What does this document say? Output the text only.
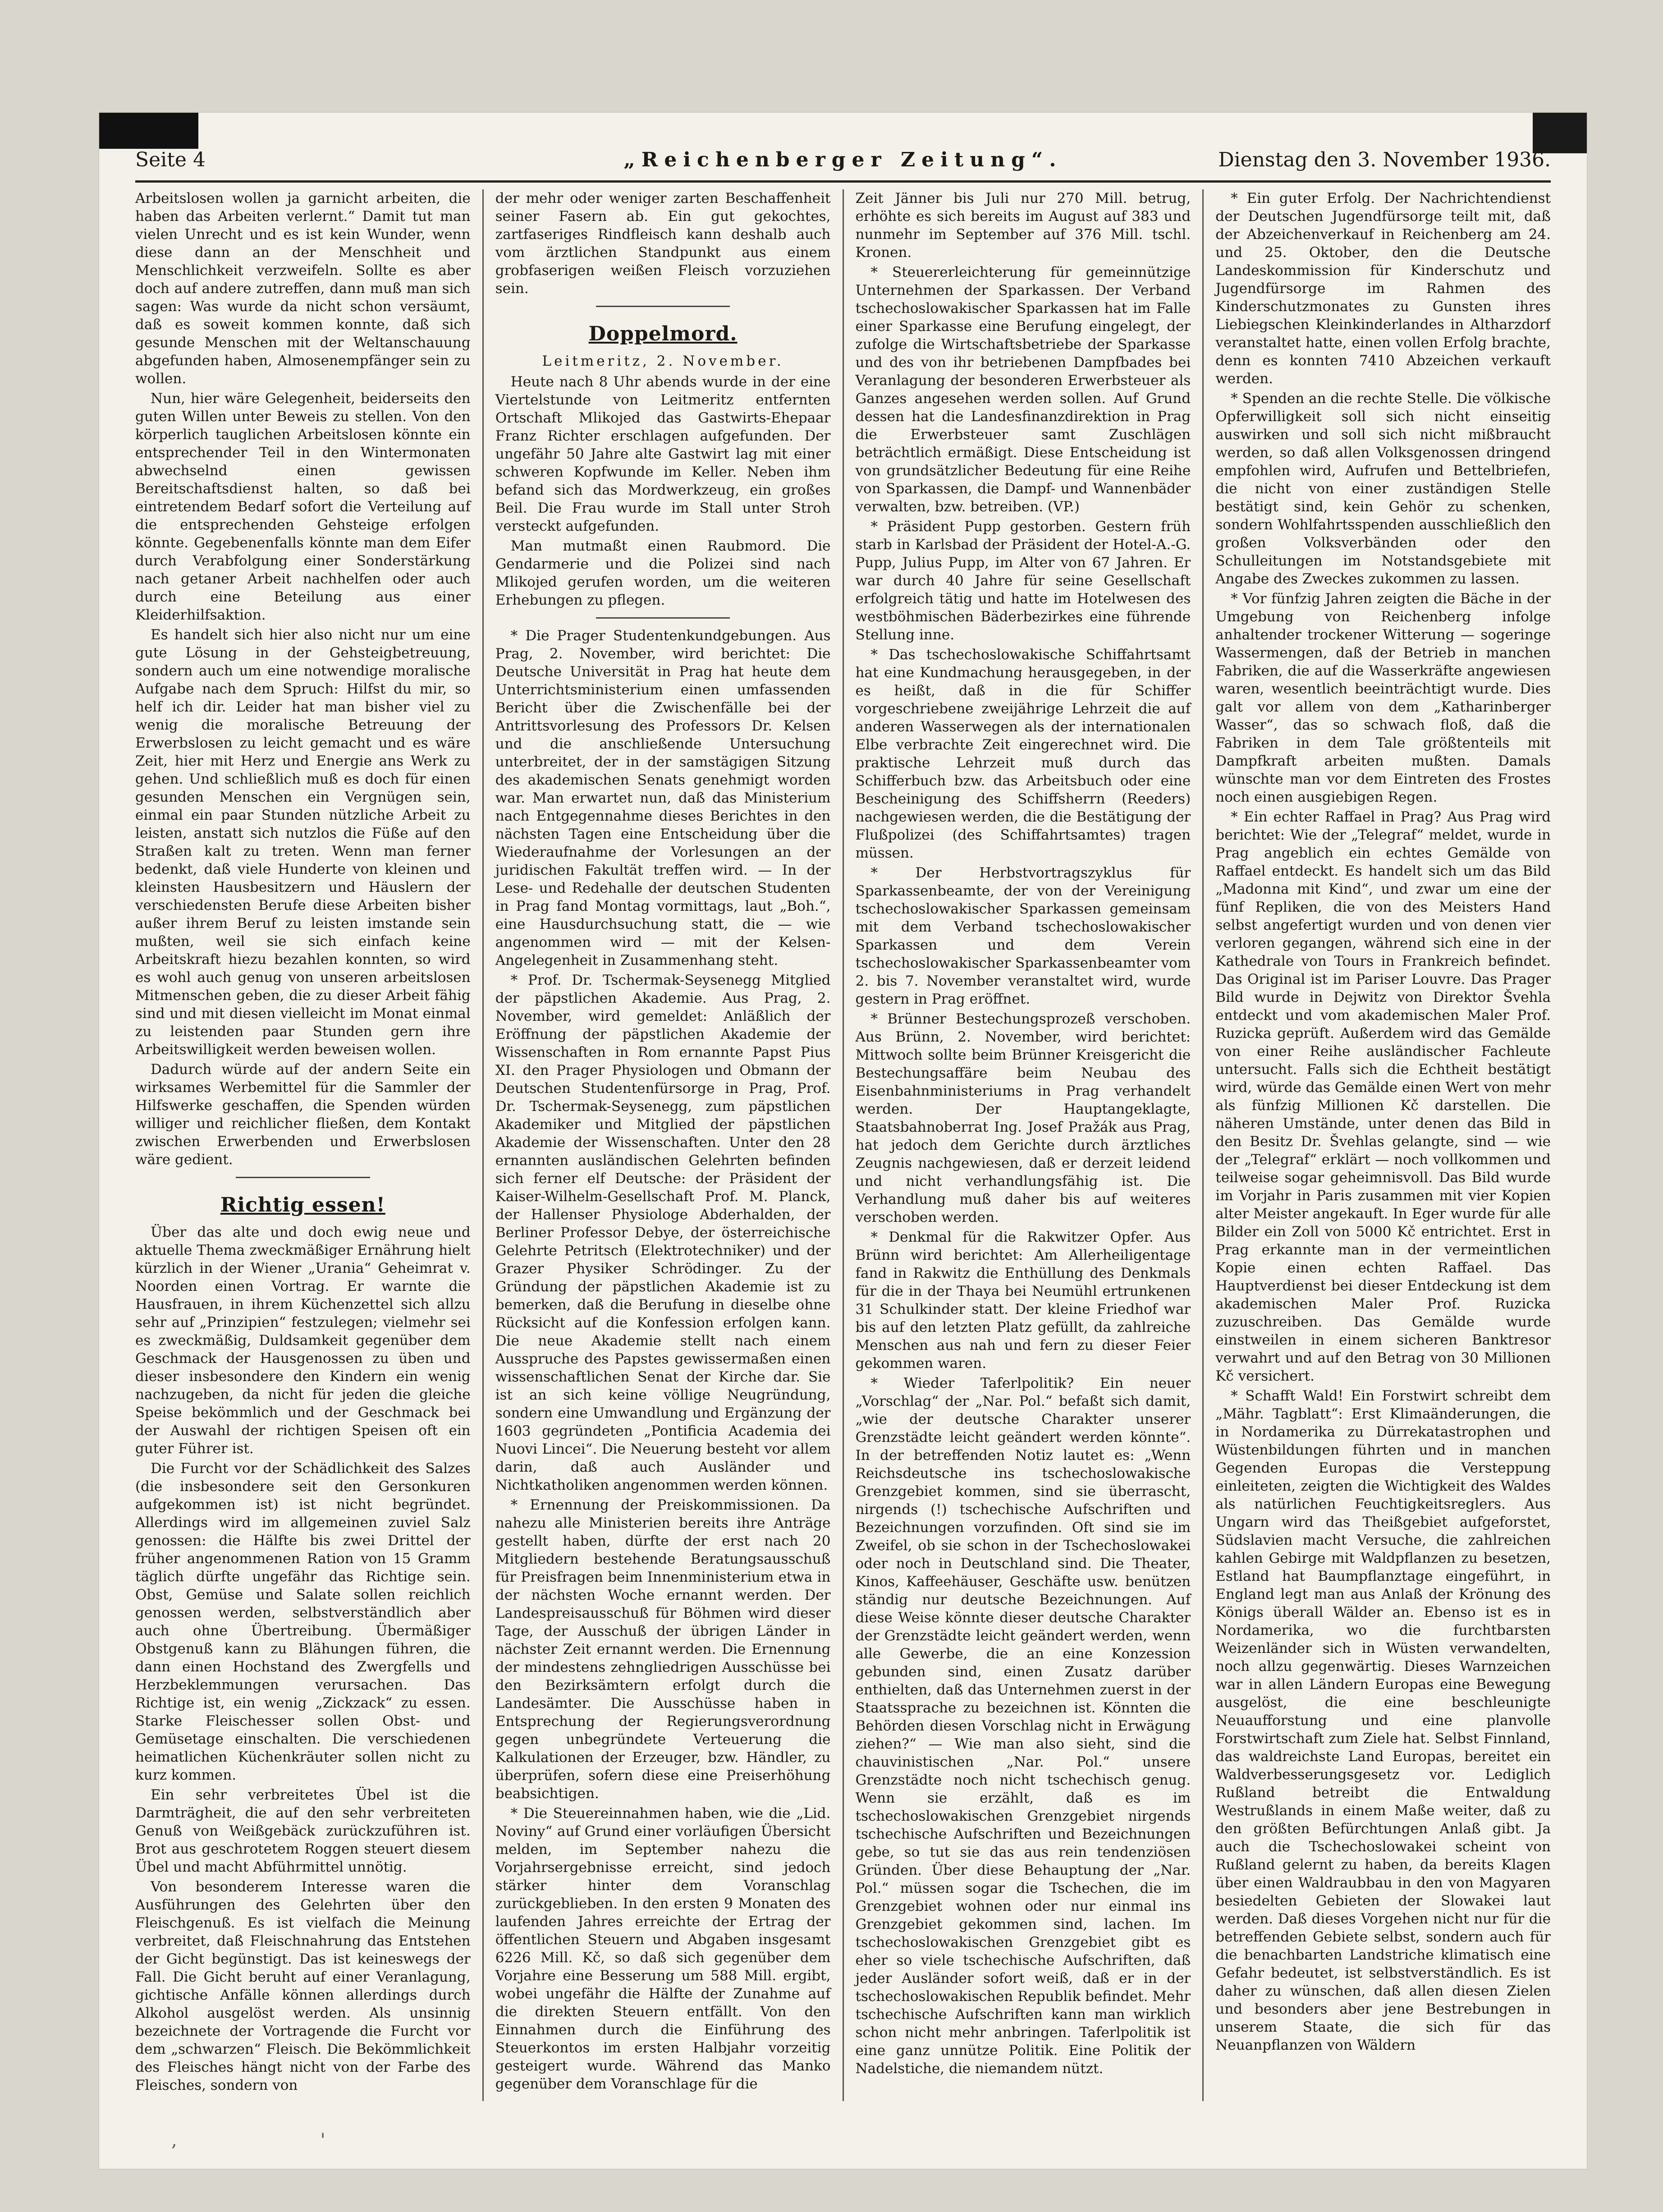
Seite 4	„Reichenberger Zeitung“.	Dienstag den 3. November 1936.

Arbeitslosen wollen ja garnicht arbeiten, die haben das Arbeiten verlernt.“ Damit tut man vielen Unrecht und es ist kein Wunder, wenn diese dann an der Menschheit und Menschlichkeit verzweifeln. Sollte es aber doch auf andere zutreffen, dann muß man sich sagen: Was wurde da nicht schon versäumt, daß es soweit kommen konnte, daß sich gesunde Menschen mit der Weltanschauung abgefunden haben, Almosenempfänger sein zu wollen.

Nun, hier wäre Gelegenheit, beiderseits den guten Willen unter Beweis zu stellen. Von den körperlich tauglichen Arbeitslosen könnte ein entsprechender Teil in den Wintermonaten abwechselnd einen gewissen Bereitschaftsdienst halten, so daß bei eintretendem Bedarf sofort die Verteilung auf die entsprechenden Gehsteige erfolgen könnte. Gegebenenfalls könnte man dem Eifer durch Verabfolgung einer Sonderstärkung nach getaner Arbeit nachhelfen oder auch durch eine Beteilung aus einer Kleiderhilfsaktion.

Es handelt sich hier also nicht nur um eine gute Lösung in der Gehsteigbetreuung, sondern auch um eine notwendige moralische Aufgabe nach dem Spruch: Hilfst du mir, so helf ich dir. Leider hat man bisher viel zu wenig die moralische Betreuung der Erwerbslosen zu leicht gemacht und es wäre Zeit, hier mit Herz und Energie ans Werk zu gehen. Und schließlich muß es doch für einen gesunden Menschen ein Vergnügen sein, einmal ein paar Stunden nützliche Arbeit zu leisten, anstatt sich nutzlos die Füße auf den Straßen kalt zu treten. Wenn man ferner bedenkt, daß viele Hunderte von kleinen und kleinsten Hausbesitzern und Häuslern der verschiedensten Berufe diese Arbeiten bisher außer ihrem Beruf zu leisten imstande sein mußten, weil sie sich einfach keine Arbeitskraft hiezu bezahlen konnten, so wird es wohl auch genug von unseren arbeitslosen Mitmenschen geben, die zu dieser Arbeit fähig sind und mit diesen vielleicht im Monat einmal zu leistenden paar Stunden gern ihre Arbeitswilligkeit werden beweisen wollen.

Dadurch würde auf der andern Seite ein wirksames Werbemittel für die Sammler der Hilfswerke geschaffen, die Spenden würden williger und reichlicher fließen, dem Kontakt zwischen Erwerbenden und Erwerbslosen wäre gedient.

Richtig essen!

Über das alte und doch ewig neue und aktuelle Thema zweckmäßiger Ernährung hielt kürzlich in der Wiener „Urania“ Geheimrat v. Noorden einen Vortrag. Er warnte die Hausfrauen, in ihrem Küchenzettel sich allzu sehr auf „Prinzipien“ festzulegen; vielmehr sei es zweckmäßig, Duldsamkeit gegenüber dem Geschmack der Hausgenossen zu üben und dieser insbesondere den Kindern ein wenig nachzugeben, da nicht für jeden die gleiche Speise bekömmlich und der Geschmack bei der Auswahl der richtigen Speisen oft ein guter Führer ist.

Die Furcht vor der Schädlichkeit des Salzes (die insbesondere seit den Gersonkuren aufgekommen ist) ist nicht begründet. Allerdings wird im allgemeinen zuviel Salz genossen: die Hälfte bis zwei Drittel der früher angenommenen Ration von 15 Gramm täglich dürfte ungefähr das Richtige sein. Obst, Gemüse und Salate sollen reichlich genossen werden, selbstverständlich aber auch ohne Übertreibung. Übermäßiger Obstgenuß kann zu Blähungen führen, die dann einen Hochstand des Zwergfells und Herzbeklemmungen verursachen. Das Richtige ist, ein wenig „Zickzack“ zu essen. Starke Fleischesser sollen Obst- und Gemüsetage einschalten. Die verschiedenen heimatlichen Küchenkräuter sollen nicht zu kurz kommen.

Ein sehr verbreitetes Übel ist die Darmträgheit, die auf den sehr verbreiteten Genuß von Weißgebäck zurückzuführen ist. Brot aus geschrotetem Roggen steuert diesem Übel und macht Abführmittel unnötig.

Von besonderem Interesse waren die Ausführungen des Gelehrten über den Fleischgenuß. Es ist vielfach die Meinung verbreitet, daß Fleischnahrung das Entstehen der Gicht begünstigt. Das ist keineswegs der Fall. Die Gicht beruht auf einer Veranlagung, gichtische Anfälle können allerdings durch Alkohol ausgelöst werden. Als unsinnig bezeichnete der Vortragende die Furcht vor dem „schwarzen“ Fleisch. Die Bekömmlichkeit des Fleisches hängt nicht von der Farbe des Fleisches, sondern von

der mehr oder weniger zarten Beschaffenheit seiner Fasern ab. Ein gut gekochtes, zartfaseriges Rindfleisch kann deshalb auch vom ärztlichen Standpunkt aus einem grobfaserigen weißen Fleisch vorzuziehen sein.

Doppelmord.
Leitmeritz, 2. November.

Heute nach 8 Uhr abends wurde in der eine Viertelstunde von Leitmeritz entfernten Ortschaft Mlikojed das Gastwirts-Ehepaar Franz Richter erschlagen aufgefunden. Der ungefähr 50 Jahre alte Gastwirt lag mit einer schweren Kopfwunde im Keller. Neben ihm befand sich das Mordwerkzeug, ein großes Beil. Die Frau wurde im Stall unter Stroh versteckt aufgefunden.

Man mutmaßt einen Raubmord. Die Gendarmerie und die Polizei sind nach Mlikojed gerufen worden, um die weiteren Erhebungen zu pflegen.

* Die Prager Studentenkundgebungen. Aus Prag, 2. November, wird berichtet: Die Deutsche Universität in Prag hat heute dem Unterrichtsministerium einen umfassenden Bericht über die Zwischenfälle bei der Antrittsvorlesung des Professors Dr. Kelsen und die anschließende Untersuchung unterbreitet, der in der samstägigen Sitzung des akademischen Senats genehmigt worden war. Man erwartet nun, daß das Ministerium nach Entgegennahme dieses Berichtes in den nächsten Tagen eine Entscheidung über die Wiederaufnahme der Vorlesungen an der juridischen Fakultät treffen wird. — In der Lese- und Redehalle der deutschen Studenten in Prag fand Montag vormittags, laut „Boh.“, eine Hausdurchsuchung statt, die — wie angenommen wird — mit der Kelsen-Angelegenheit in Zusammenhang steht.

* Prof. Dr. Tschermak-Seysenegg Mitglied der päpstlichen Akademie. Aus Prag, 2. November, wird gemeldet: Anläßlich der Eröffnung der päpstlichen Akademie der Wissenschaften in Rom ernannte Papst Pius XI. den Prager Physiologen und Obmann der Deutschen Studentenfürsorge in Prag, Prof. Dr. Tschermak-Seysenegg, zum päpstlichen Akademiker und Mitglied der päpstlichen Akademie der Wissenschaften. Unter den 28 ernannten ausländischen Gelehrten befinden sich ferner elf Deutsche: der Präsident der Kaiser-Wilhelm-Gesellschaft Prof. M. Planck, der Hallenser Physiologe Abderhalden, der Berliner Professor Debye, der österreichische Gelehrte Petritsch (Elektrotechniker) und der Grazer Physiker Schrödinger. Zu der Gründung der päpstlichen Akademie ist zu bemerken, daß die Berufung in dieselbe ohne Rücksicht auf die Konfession erfolgen kann. Die neue Akademie stellt nach einem Ausspruche des Papstes gewissermaßen einen wissenschaftlichen Senat der Kirche dar. Sie ist an sich keine völlige Neugründung, sondern eine Umwandlung und Ergänzung der 1603 gegründeten „Pontificia Academia dei Nuovi Lincei“. Die Neuerung besteht vor allem darin, daß auch Ausländer und Nichtkatholiken angenommen werden können.

* Ernennung der Preiskommissionen. Da nahezu alle Ministerien bereits ihre Anträge gestellt haben, dürfte der erst nach 20 Mitgliedern bestehende Beratungsausschuß für Preisfragen beim Innenministerium etwa in der nächsten Woche ernannt werden. Der Landespreisausschuß für Böhmen wird dieser Tage, der Ausschuß der übrigen Länder in nächster Zeit ernannt werden. Die Ernennung der mindestens zehngliedrigen Ausschüsse bei den Bezirksämtern erfolgt durch die Landesämter. Die Ausschüsse haben in Entsprechung der Regierungsverordnung gegen unbegründete Verteuerung die Kalkulationen der Erzeuger, bzw. Händler, zu überprüfen, sofern diese eine Preiserhöhung beabsichtigen.

* Die Steuereinnahmen haben, wie die „Lid. Noviny“ auf Grund einer vorläufigen Übersicht melden, im September nahezu die Vorjahrsergebnisse erreicht, sind jedoch stärker hinter dem Voranschlag zurückgeblieben. In den ersten 9 Monaten des laufenden Jahres erreichte der Ertrag der öffentlichen Steuern und Abgaben insgesamt 6226 Mill. Kč, so daß sich gegenüber dem Vorjahre eine Besserung um 588 Mill. ergibt, wobei ungefähr die Hälfte der Zunahme auf die direkten Steuern entfällt. Von den Einnahmen durch die Einführung des Steuerkontos im ersten Halbjahr vorzeitig gesteigert wurde. Während das Manko gegenüber dem Voranschlage für die

Zeit Jänner bis Juli nur 270 Mill. betrug, erhöhte es sich bereits im August auf 383 und nunmehr im September auf 376 Mill. tschl. Kronen.

* Steuererleichterung für gemeinnützige Unternehmen der Sparkassen. Der Verband tschechoslowakischer Sparkassen hat im Falle einer Sparkasse eine Berufung eingelegt, der zufolge die Wirtschaftsbetriebe der Sparkasse und des von ihr betriebenen Dampfbades bei Veranlagung der besonderen Erwerbsteuer als Ganzes angesehen werden sollen. Auf Grund dessen hat die Landesfinanzdirektion in Prag die Erwerbsteuer samt Zuschlägen beträchtlich ermäßigt. Diese Entscheidung ist von grundsätzlicher Bedeutung für eine Reihe von Sparkassen, die Dampf- und Wannenbäder verwalten, bzw. betreiben. (VP.)

* Präsident Pupp gestorben. Gestern früh starb in Karlsbad der Präsident der Hotel-A.-G. Pupp, Julius Pupp, im Alter von 67 Jahren. Er war durch 40 Jahre für seine Gesellschaft erfolgreich tätig und hatte im Hotelwesen des westböhmischen Bäderbezirkes eine führende Stellung inne.

* Das tschechoslowakische Schiffahrtsamt hat eine Kundmachung herausgegeben, in der es heißt, daß in die für Schiffer vorgeschriebene zweijährige Lehrzeit die auf anderen Wasserwegen als der internationalen Elbe verbrachte Zeit eingerechnet wird. Die praktische Lehrzeit muß durch das Schifferbuch bzw. das Arbeitsbuch oder eine Bescheinigung des Schiffsherrn (Reeders) nachgewiesen werden, die die Bestätigung der Flußpolizei (des Schiffahrtsamtes) tragen müssen.

* Der Herbstvortragszyklus für Sparkassenbeamte, der von der Vereinigung tschechoslowakischer Sparkassen gemeinsam mit dem Verband tschechoslowakischer Sparkassen und dem Verein tschechoslowakischer Sparkassenbeamter vom 2. bis 7. November veranstaltet wird, wurde gestern in Prag eröffnet.

* Brünner Bestechungsprozeß verschoben. Aus Brünn, 2. November, wird berichtet: Mittwoch sollte beim Brünner Kreisgericht die Bestechungsaffäre beim Neubau des Eisenbahnministeriums in Prag verhandelt werden. Der Hauptangeklagte, Staatsbahnoberrat Ing. Josef Pražák aus Prag, hat jedoch dem Gerichte durch ärztliches Zeugnis nachgewiesen, daß er derzeit leidend und nicht verhandlungsfähig ist. Die Verhandlung muß daher bis auf weiteres verschoben werden.

* Denkmal für die Rakwitzer Opfer. Aus Brünn wird berichtet: Am Allerheiligentage fand in Rakwitz die Enthüllung des Denkmals für die in der Thaya bei Neumühl ertrunkenen 31 Schulkinder statt. Der kleine Friedhof war bis auf den letzten Platz gefüllt, da zahlreiche Menschen aus nah und fern zu dieser Feier gekommen waren.

* Wieder Taferlpolitik? Ein neuer „Vorschlag“ der „Nar. Pol.“ befaßt sich damit, „wie der deutsche Charakter unserer Grenzstädte leicht geändert werden könnte“. In der betreffenden Notiz lautet es: „Wenn Reichsdeutsche ins tschechoslowakische Grenzgebiet kommen, sind sie überrascht, nirgends (!) tschechische Aufschriften und Bezeichnungen vorzufinden. Oft sind sie im Zweifel, ob sie schon in der Tschechoslowakei oder noch in Deutschland sind. Die Theater, Kinos, Kaffeehäuser, Geschäfte usw. benützen ständig nur deutsche Bezeichnungen. Auf diese Weise könnte dieser deutsche Charakter der Grenzstädte leicht geändert werden, wenn alle Gewerbe, die an eine Konzession gebunden sind, einen Zusatz darüber enthielten, daß das Unternehmen zuerst in der Staatssprache zu bezeichnen ist. Könnten die Behörden diesen Vorschlag nicht in Erwägung ziehen?“ — Wie man also sieht, sind die chauvinistischen „Nar. Pol.“ unsere Grenzstädte noch nicht tschechisch genug. Wenn sie erzählt, daß es im tschechoslowakischen Grenzgebiet nirgends tschechische Aufschriften und Bezeichnungen gebe, so tut sie das aus rein tendenziösen Gründen. Über diese Behauptung der „Nar. Pol.“ müssen sogar die Tschechen, die im Grenzgebiet wohnen oder nur einmal ins Grenzgebiet gekommen sind, lachen. Im tschechoslowakischen Grenzgebiet gibt es eher so viele tschechische Aufschriften, daß jeder Ausländer sofort weiß, daß er in der tschechoslowakischen Republik befindet. Mehr tschechische Aufschriften kann man wirklich schon nicht mehr anbringen. Taferlpolitik ist eine ganz unnütze Politik. Eine Politik der Nadelstiche, die niemandem nützt.

* Ein guter Erfolg. Der Nachrichtendienst der Deutschen Jugendfürsorge teilt mit, daß der Abzeichenverkauf in Reichenberg am 24. und 25. Oktober, den die Deutsche Landeskommission für Kinderschutz und Jugendfürsorge im Rahmen des Kinderschutzmonates zu Gunsten ihres Liebiegschen Kleinkinderlandes in Altharzdorf veranstaltet hatte, einen vollen Erfolg brachte, denn es konnten 7410 Abzeichen verkauft werden.

* Spenden an die rechte Stelle. Die völkische Opferwilligkeit soll sich nicht einseitig auswirken und soll sich nicht mißbraucht werden, so daß allen Volksgenossen dringend empfohlen wird, Aufrufen und Bettelbriefen, die nicht von einer zuständigen Stelle bestätigt sind, kein Gehör zu schenken, sondern Wohlfahrtsspenden ausschließlich den großen Volksverbänden oder den Schulleitungen im Notstandsgebiete mit Angabe des Zweckes zukommen zu lassen.

* Vor fünfzig Jahren zeigten die Bäche in der Umgebung von Reichenberg infolge anhaltender trockener Witterung — sogeringe Wassermengen, daß der Betrieb in manchen Fabriken, die auf die Wasserkräfte angewiesen waren, wesentlich beeinträchtigt wurde. Dies galt vor allem von dem „Katharinberger Wasser“, das so schwach floß, daß die Fabriken in dem Tale größtenteils mit Dampfkraft arbeiten mußten. Damals wünschte man vor dem Eintreten des Frostes noch einen ausgiebigen Regen.

* Ein echter Raffael in Prag? Aus Prag wird berichtet: Wie der „Telegraf“ meldet, wurde in Prag angeblich ein echtes Gemälde von Raffael entdeckt. Es handelt sich um das Bild „Madonna mit Kind“, und zwar um eine der fünf Repliken, die von des Meisters Hand selbst angefertigt wurden und von denen vier verloren gegangen, während sich eine in der Kathedrale von Tours in Frankreich befindet. Das Original ist im Pariser Louvre. Das Prager Bild wurde in Dejwitz von Direktor Švehla entdeckt und vom akademischen Maler Prof. Ruzicka geprüft. Außerdem wird das Gemälde von einer Reihe ausländischer Fachleute untersucht. Falls sich die Echtheit bestätigt wird, würde das Gemälde einen Wert von mehr als fünfzig Millionen Kč darstellen. Die näheren Umstände, unter denen das Bild in den Besitz Dr. Švehlas gelangte, sind — wie der „Telegraf“ erklärt — noch vollkommen und teilweise sogar geheimnisvoll. Das Bild wurde im Vorjahr in Paris zusammen mit vier Kopien alter Meister angekauft. In Eger wurde für alle Bilder ein Zoll von 5000 Kč entrichtet. Erst in Prag erkannte man in der vermeintlichen Kopie einen echten Raffael. Das Hauptverdienst bei dieser Entdeckung ist dem akademischen Maler Prof. Ruzicka zuzuschreiben. Das Gemälde wurde einstweilen in einem sicheren Banktresor verwahrt und auf den Betrag von 30 Millionen Kč versichert.

* Schafft Wald! Ein Forstwirt schreibt dem „Mähr. Tagblatt“: Erst Klimaänderungen, die in Nordamerika zu Dürrekatastrophen und Wüstenbildungen führten und in manchen Gegenden Europas die Versteppung einleiteten, zeigten die Wichtigkeit des Waldes als natürlichen Feuchtigkeitsreglers. Aus Ungarn wird das Theißgebiet aufgeforstet, Südslavien macht Versuche, die zahlreichen kahlen Gebirge mit Waldpflanzen zu besetzen, Estland hat Baumpflanztage eingeführt, in England legt man aus Anlaß der Krönung des Königs überall Wälder an. Ebenso ist es in Nordamerika, wo die furchtbarsten Weizenländer sich in Wüsten verwandelten, noch allzu gegenwärtig. Dieses Warnzeichen war in allen Ländern Europas eine Bewegung ausgelöst, die eine beschleunigte Neuaufforstung und eine planvolle Forstwirtschaft zum Ziele hat. Selbst Finnland, das waldreichste Land Europas, bereitet ein Waldverbesserungsgesetz vor. Lediglich Rußland betreibt die Entwaldung Westrußlands in einem Maße weiter, daß zu den größten Befürchtungen Anlaß gibt. Ja auch die Tschechoslowakei scheint von Rußland gelernt zu haben, da bereits Klagen über einen Waldraubbau in den von Magyaren besiedelten Gebieten der Slowakei laut werden. Daß dieses Vorgehen nicht nur für die betreffenden Gebiete selbst, sondern auch für die benachbarten Landstriche klimatisch eine Gefahr bedeutet, ist selbstverständlich. Es ist daher zu wünschen, daß allen diesen Zielen und besonders aber jene Bestrebungen in unserem Staate, die sich für das Neuanpflanzen von Wäldern

,                         '
